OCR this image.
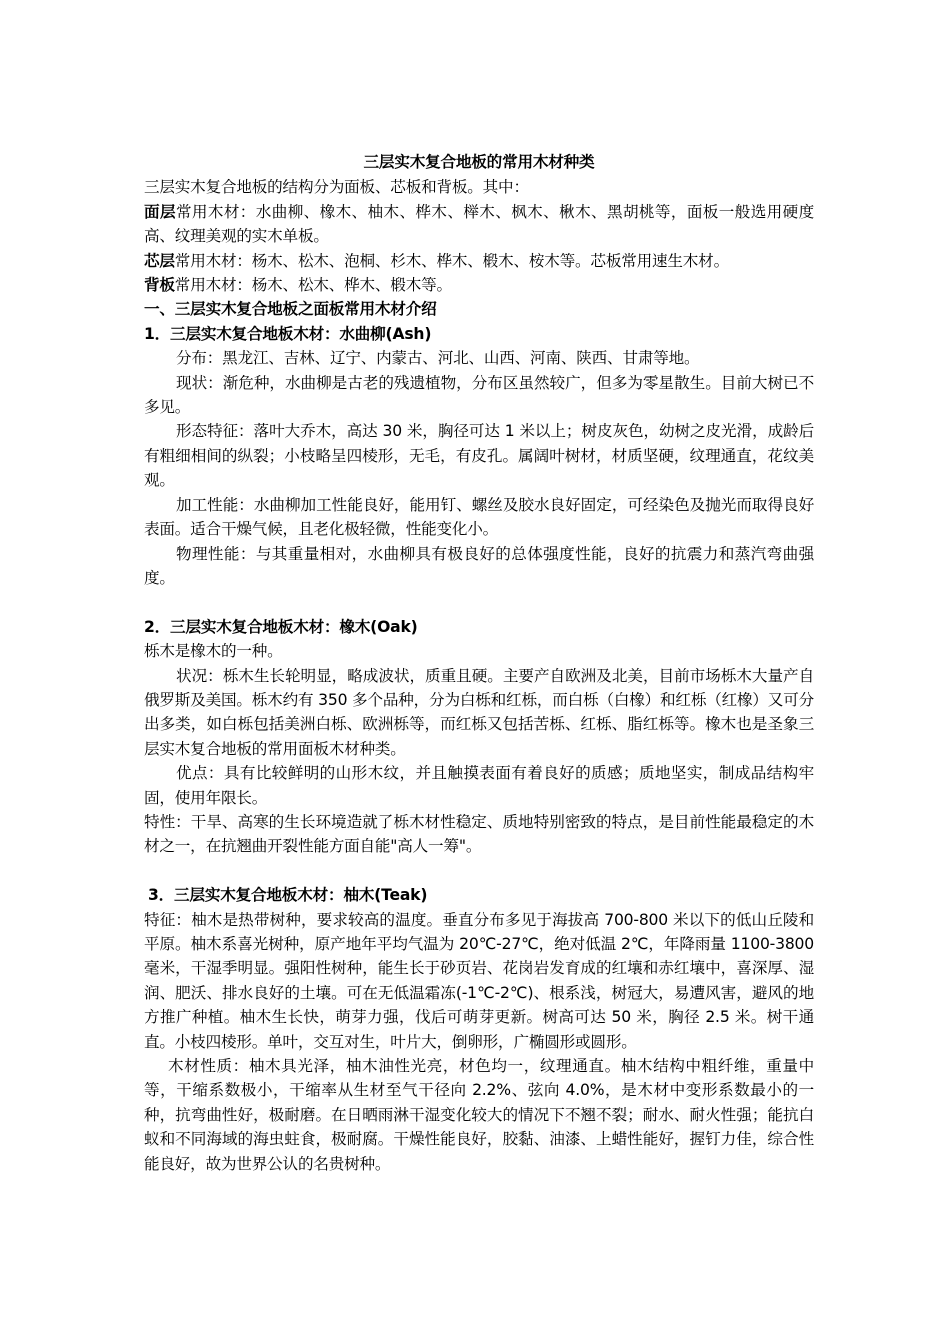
三层实木复合地板的常用木材种类

三层实木复合地板的结构分为面板、芯板和背板。其中：

面层常用木材：水曲柳、橡木、柚木、桦木、榉木、枫木、楸木、黑胡桃等，面板一般选用硬度高、纹理美观的实木单板。

芯层常用木材：杨木、松木、泡桐、杉木、桦木、椴木、桉木等。芯板常用速生木材。

背板常用木材：杨木、松木、桦木、椴木等。

一、三层实木复合地板之面板常用木材介绍

1．三层实木复合地板木材：水曲柳(Ash)

分布：黑龙江、吉林、辽宁、内蒙古、河北、山西、河南、陕西、甘肃等地。

现状：渐危种，水曲柳是古老的残遗植物，分布区虽然较广，但多为零星散生。目前大树已不多见。

形态特征：落叶大乔木，高达 30 米，胸径可达 1 米以上；树皮灰色，幼树之皮光滑，成龄后有粗细相间的纵裂；小枝略呈四棱形，无毛，有皮孔。属阔叶树材，材质坚硬，纹理通直，花纹美观。

加工性能：水曲柳加工性能良好，能用钉、螺丝及胶水良好固定，可经染色及抛光而取得良好表面。适合干燥气候，且老化极轻微，性能变化小。

物理性能：与其重量相对，水曲柳具有极良好的总体强度性能，良好的抗震力和蒸汽弯曲强度。

2．三层实木复合地板木材：橡木(Oak)

栎木是橡木的一种。

状况：栎木生长轮明显，略成波状，质重且硬。主要产自欧洲及北美，目前市场栎木大量产自俄罗斯及美国。栎木约有 350 多个品种，分为白栎和红栎，而白栎（白橡）和红栎（红橡）又可分出多类，如白栎包括美洲白栎、欧洲栎等，而红栎又包括苦栎、红栎、脂红栎等。橡木也是圣象三层实木复合地板的常用面板木材种类。

优点：具有比较鲜明的山形木纹，并且触摸表面有着良好的质感；质地坚实，制成品结构牢固，使用年限长。

特性：干旱、高寒的生长环境造就了栎木材性稳定、质地特别密致的特点，是目前性能最稳定的木材之一，在抗翘曲开裂性能方面自能"高人一筹"。

3．三层实木复合地板木材：柚木(Teak)

特征：柚木是热带树种，要求较高的温度。垂直分布多见于海拔高 700-800 米以下的低山丘陵和平原。柚木系喜光树种，原产地年平均气温为 20℃-27℃，绝对低温 2℃，年降雨量 1100-3800 毫米，干湿季明显。强阳性树种，能生长于砂页岩、花岗岩发育成的红壤和赤红壤中，喜深厚、湿润、肥沃、排水良好的土壤。可在无低温霜冻(-1℃-2℃)、根系浅，树冠大，易遭风害，避风的地方推广种植。柚木生长快，萌芽力强，伐后可萌芽更新。树高可达 50 米，胸径 2.5 米。树干通直。小枝四棱形。单叶，交互对生，叶片大，倒卵形，广椭圆形或圆形。

木材性质：柚木具光泽，柚木油性光亮，材色均一，纹理通直。柚木结构中粗纤维，重量中等，干缩系数极小，干缩率从生材至气干径向 2.2%、弦向 4.0%，是木材中变形系数最小的一种，抗弯曲性好，极耐磨。在日晒雨淋干湿变化较大的情况下不翘不裂；耐水、耐火性强；能抗白蚁和不同海域的海虫蛀食，极耐腐。干燥性能良好，胶黏、油漆、上蜡性能好，握钉力佳，综合性能良好，故为世界公认的名贵树种。
